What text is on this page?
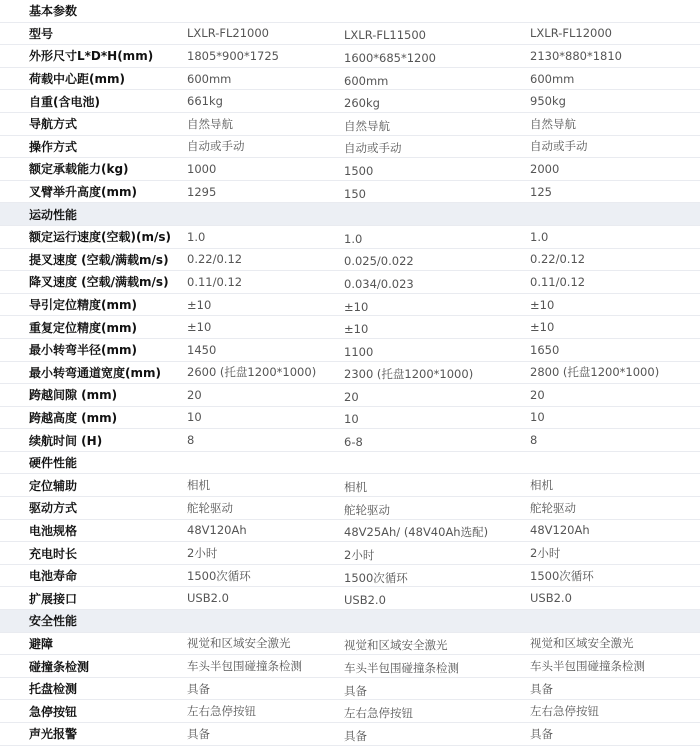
基本参数
型号	LXLR-FL21000	LXLR-FL11500	LXLR-FL12000
外形尺寸L*D*H(mm)	1805*900*1725	1600*685*1200	2130*880*1810
荷载中心距(mm)	600mm	600mm	600mm
自重(含电池)	661kg	260kg	950kg
导航方式	自然导航	自然导航	自然导航
操作方式	自动或手动	自动或手动	自动或手动
额定承载能力(kg)	1000	1500	2000
叉臂举升高度(mm)	1295	150	125
运动性能
额定运行速度(空载)(m/s)	1.0	1.0	1.0
提叉速度 (空载/满载m/s)	0.22/0.12	0.025/0.022	0.22/0.12
降叉速度 (空载/满载m/s)	0.11/0.12	0.034/0.023	0.11/0.12
导引定位精度(mm)	±10	±10	±10
重复定位精度(mm)	±10	±10	±10
最小转弯半径(mm)	1450	1100	1650
最小转弯通道宽度(mm)	2600 (托盘1200*1000)	2300 (托盘1200*1000)	2800 (托盘1200*1000)
跨越间隙 (mm)	20	20	20
跨越高度 (mm)	10	10	10
续航时间 (H)	8	6-8	8
硬件性能
定位辅助	相机	相机	相机
驱动方式	舵轮驱动	舵轮驱动	舵轮驱动
电池规格	48V120Ah	48V25Ah/ (48V40Ah选配)	48V120Ah
充电时长	2小时	2小时	2小时
电池寿命	1500次循环	1500次循环	1500次循环
扩展接口	USB2.0	USB2.0	USB2.0
安全性能
避障	视觉和区域安全激光	视觉和区域安全激光	视觉和区域安全激光
碰撞条检测	车头半包围碰撞条检测	车头半包围碰撞条检测	车头半包围碰撞条检测
托盘检测	具备	具备	具备
急停按钮	左右急停按钮	左右急停按钮	左右急停按钮
声光报警	具备	具备	具备
